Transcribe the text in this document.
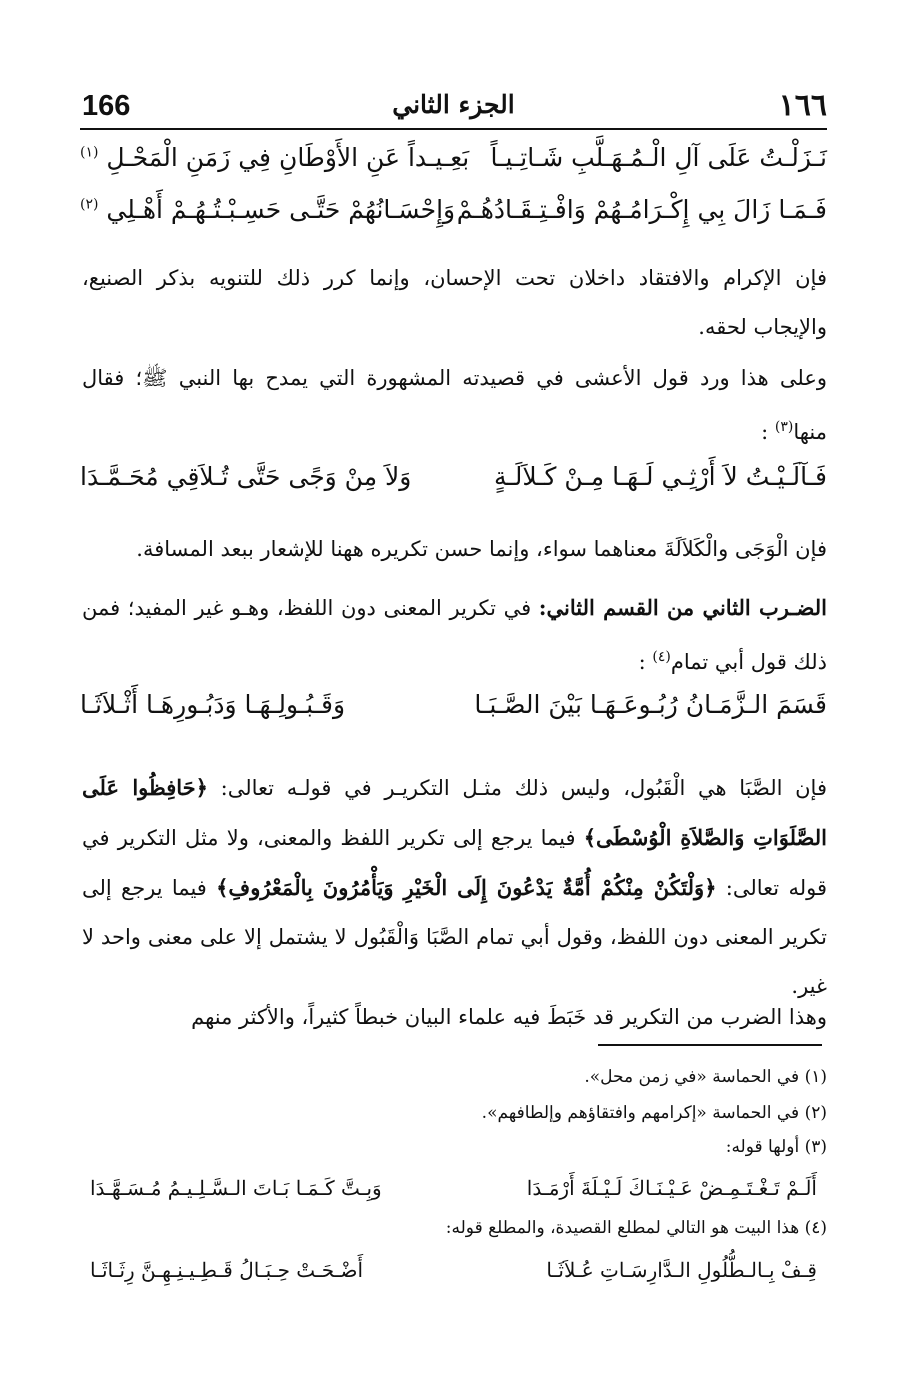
١٦٦
الجزء الثاني
166
نَـزَلْـتُ عَلَى آلِ الْـمُـهَـلَّبِ شَـاتِـيـاً
بَعِـيـداً عَنِ الأَوْطَانِ فِي زَمَنِ الْمَحْـلِ $^{(١)}$
فَـمَـا زَالَ بِي إِكْـرَامُـهُمْ وَافْـتِـقَـادُهُـمْ
وَإِحْسَـانُهُمْ حَتَّـى حَسِـبْـتُـهُـمْ أَهْـلِي $^{(٢)}$
فإن الإكرام والافتقاد داخلان تحت الإحسان، وإنما كرر ذلك للتنويه بذكر الصنيع، والإيجاب لحقه.
وعلى هذا ورد قول الأعشى في قصيدته المشهورة التي يمدح بها النبي ﷺ؛ فقال منها$^{(٣)}$ :
فَـآلَـيْـتُ لاَ أَرْثِـي لَـهَـا مِـنْ كَـلاَلَـةٍ
وَلاَ مِنْ وَجًى حَتَّى تُـلاَقِي مُحَـمَّـدَا
فإن الْوَجَى والْكَلاَلَةَ معناهما سواء، وإنما حسن تكريره ههنا للإشعار ببعد المسافة.
الضـرب الثاني من القسم الثاني: في تكرير المعنى دون اللفظ، وهـو غير المفيد؛ فمن ذلك قول أبي تمام$^{(٤)}$ :
قَسَمَ الـزَّمَـانُ رُبُـوعَـهَـا بَيْنَ الصَّـبَـا
وَقَـبُـولِـهَـا وَدَبُـورِهَـا أَثْـلاَثَـا
فإن الصَّبَا هي الْقَبُول، وليس ذلك مثـل التكريـر في قولـه تعالى: ﴿حَافِظُوا عَلَى الصَّلَوَاتِ وَالصَّلاَةِ الْوُسْطَى﴾ فيما يرجع إلى تكرير اللفظ والمعنى، ولا مثل التكرير في قوله تعالى: ﴿وَلْتَكُنْ مِنْكُمْ أُمَّةٌ يَدْعُونَ إِلَى الْخَيْرِ وَيَأْمُرُونَ بِالْمَعْرُوفِ﴾ فيما يرجع إلى تكرير المعنى دون اللفظ، وقول أبي تمام الصَّبَا وَالْقَبُول لا يشتمل إلا على معنى واحد لا غير.
وهذا الضرب من التكرير قد خَبَطَ فيه علماء البيان خبطاً كثيراً، والأكثر منهم
(١) في الحماسة «في زمن محل».
(٢) في الحماسة «إكرامهم وافتقاؤهم وإلطافهم».
(٣) أولها قوله:
أَلَـمْ تَـغْـتَـمِـضْ عَـيْـنَـاكَ لَـيْـلَةَ أَرْمَـدَا
وَبِـتَّ كَـمَـا بَـاتَ الـسَّـلِـيـمُ مُـسَـهَّـدَا
(٤) هذا البيت هو التالي لمطلع القصيدة، والمطلع قوله:
قِـفْ بِـالـطُّلُولِ الـدَّارِسَـاتِ عُـلاَثَـا
أَضْـحَـتْ حِـبَـالُ قَـطِـيـنِـهِـنَّ رِثَـاثَـا
